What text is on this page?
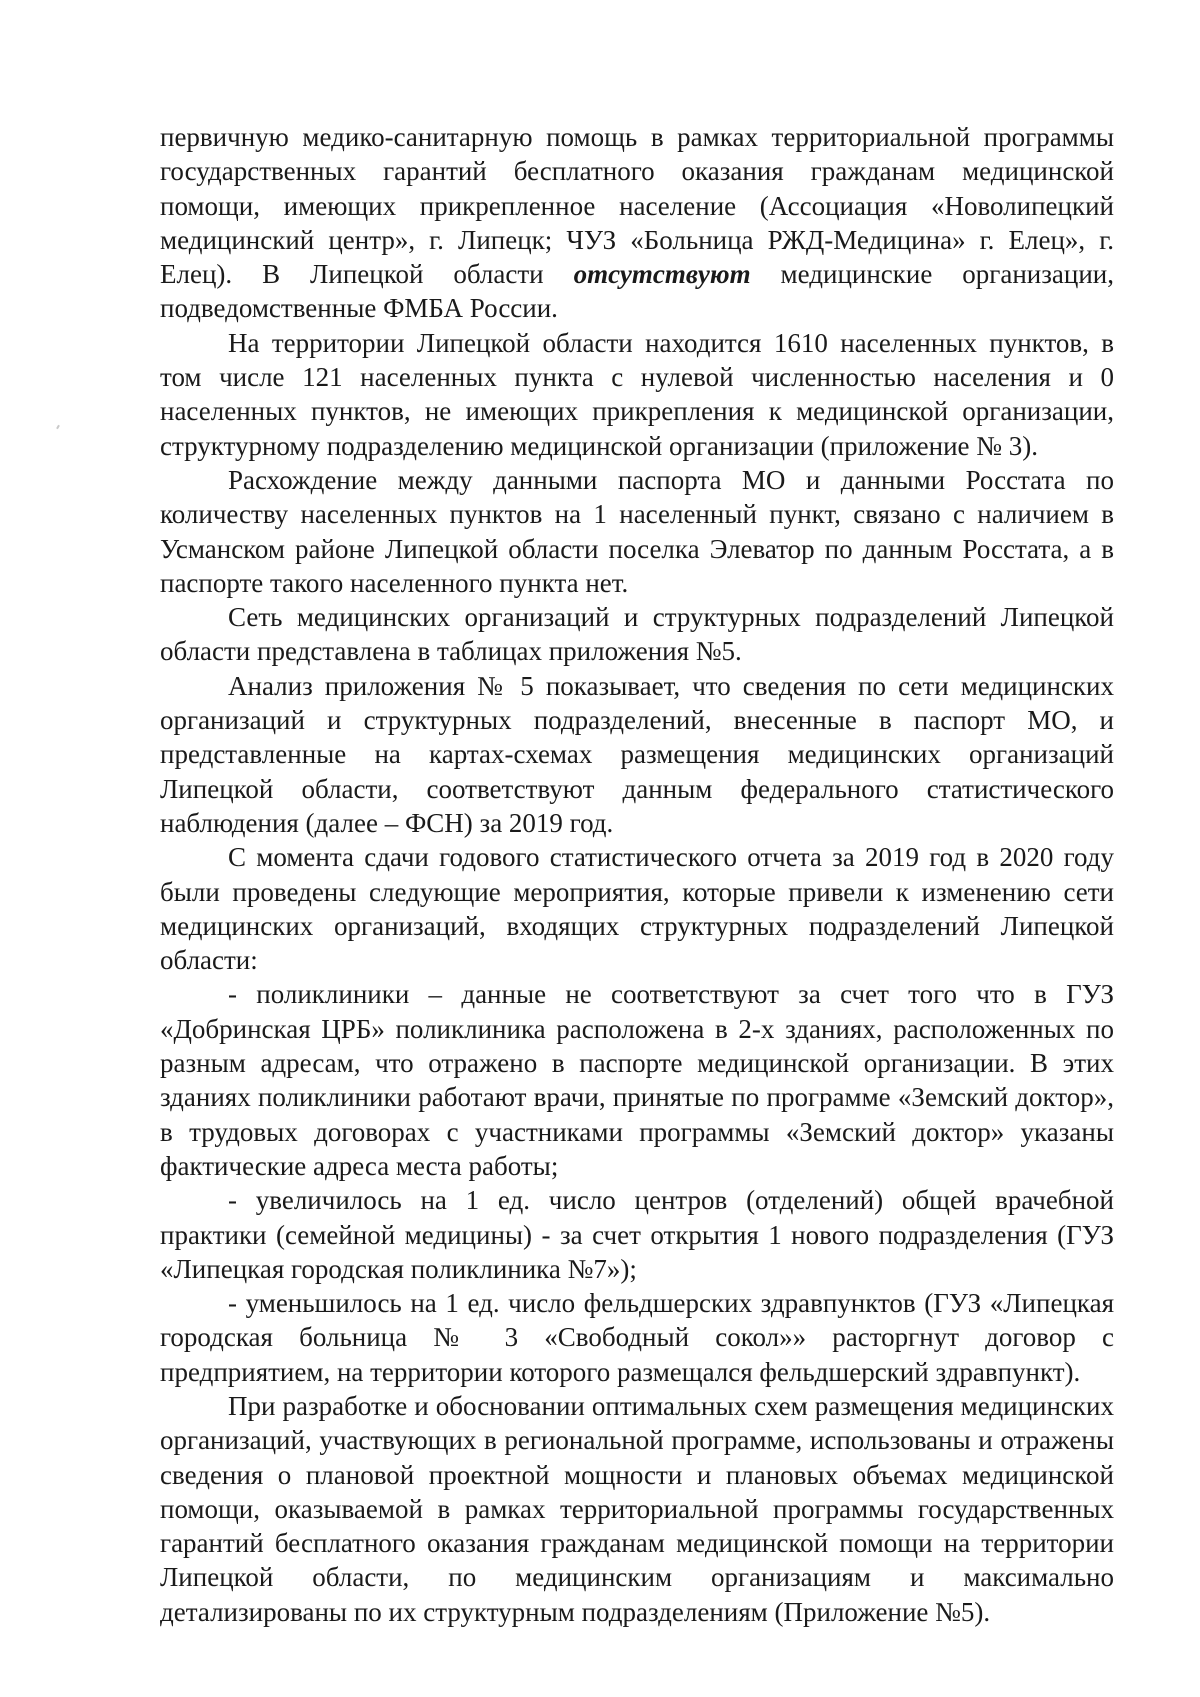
первичную медико-санитарную помощь в рамках территориальной программы государственных гарантий бесплатного оказания гражданам медицинской помощи, имеющих прикрепленное население (Ассоциация «Новолипецкий медицинский центр», г. Липецк; ЧУЗ «Больница РЖД-Медицина» г. Елец», г. Елец). В Липецкой области отсутствуют медицинские организации, подведомственные ФМБА России.

На территории Липецкой области находится 1610 населенных пунктов, в том числе 121 населенных пункта с нулевой численностью населения и 0 населенных пунктов, не имеющих прикрепления к медицинской организации, структурному подразделению медицинской организации (приложение № 3).

Расхождение между данными паспорта МО и данными Росстата по количеству населенных пунктов на 1 населенный пункт, связано с наличием в Усманском районе Липецкой области поселка Элеватор по данным Росстата, а в паспорте такого населенного пункта нет.

Сеть медицинских организаций и структурных подразделений Липецкой области представлена в таблицах приложения №5.

Анализ приложения № 5 показывает, что сведения по сети медицинских организаций и структурных подразделений, внесенные в паспорт МО, и представленные на картах-схемах размещения медицинских организаций Липецкой области, соответствуют данным федерального статистического наблюдения (далее – ФСН) за 2019 год.

С момента сдачи годового статистического отчета за 2019 год в 2020 году были проведены следующие мероприятия, которые привели к изменению сети медицинских организаций, входящих структурных подразделений Липецкой области:

- поликлиники – данные не соответствуют за счет того что в ГУЗ «Добринская ЦРБ» поликлиника расположена в 2-х зданиях, расположенных по разным адресам, что отражено в паспорте медицинской организации. В этих зданиях поликлиники работают врачи, принятые по программе «Земский доктор», в трудовых договорах с участниками программы «Земский доктор» указаны фактические адреса места работы;

- увеличилось на 1 ед. число центров (отделений) общей врачебной практики (семейной медицины) - за счет открытия 1 нового подразделения (ГУЗ «Липецкая городская поликлиника №7»);

- уменьшилось на 1 ед. число фельдшерских здравпунктов (ГУЗ «Липецкая городская больница № 3 «Свободный сокол»» расторгнут договор с предприятием, на территории которого размещался фельдшерский здравпункт).

При разработке и обосновании оптимальных схем размещения медицинских организаций, участвующих в региональной программе, использованы и отражены сведения о плановой проектной мощности и плановых объемах медицинской помощи, оказываемой в рамках территориальной программы государственных гарантий бесплатного оказания гражданам медицинской помощи на территории Липецкой области, по медицинским организациям и максимально детализированы по их структурным подразделениям (Приложение №5).
